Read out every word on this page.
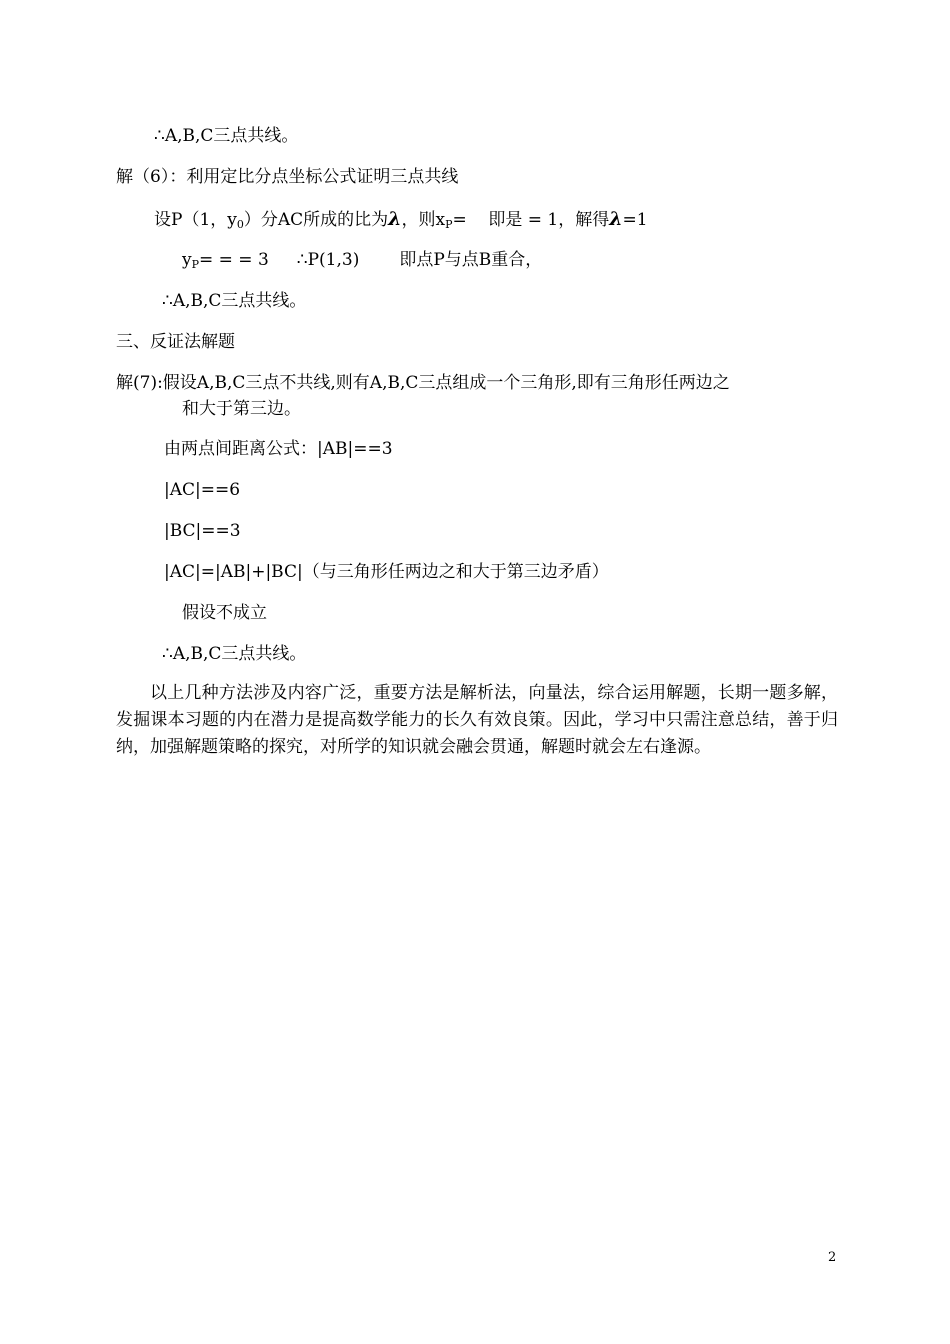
∴A,B,C三点共线。
解（6）：利用定比分点坐标公式证明三点共线
设P（1，$y_0$）分AC所成的比为λ，则$x_P=$    即是 = 1，解得λ=1
$y_P=$ = = 3 ∴P(1,3) 即点P与点B重合，
∴A,B,C三点共线。
三、反证法解题
解(7):假设A,B,C三点不共线,则有A,B,C三点组成一个三角形,即有三角形任两边之
和大于第三边。
由两点间距离公式：|AB|==3
|AC|==6
|BC|==3
|AC|=|AB|+|BC|（与三角形任两边之和大于第三边矛盾）
假设不成立
∴A,B,C三点共线。
以上几种方法涉及内容广泛，重要方法是解析法，向量法，综合运用解题，长期一题多解，发掘课本习题的内在潜力是提高数学能力的长久有效良策。因此，学习中只需注意总结，善于归纳，加强解题策略的探究，对所学的知识就会融会贯通，解题时就会左右逢源。
2
